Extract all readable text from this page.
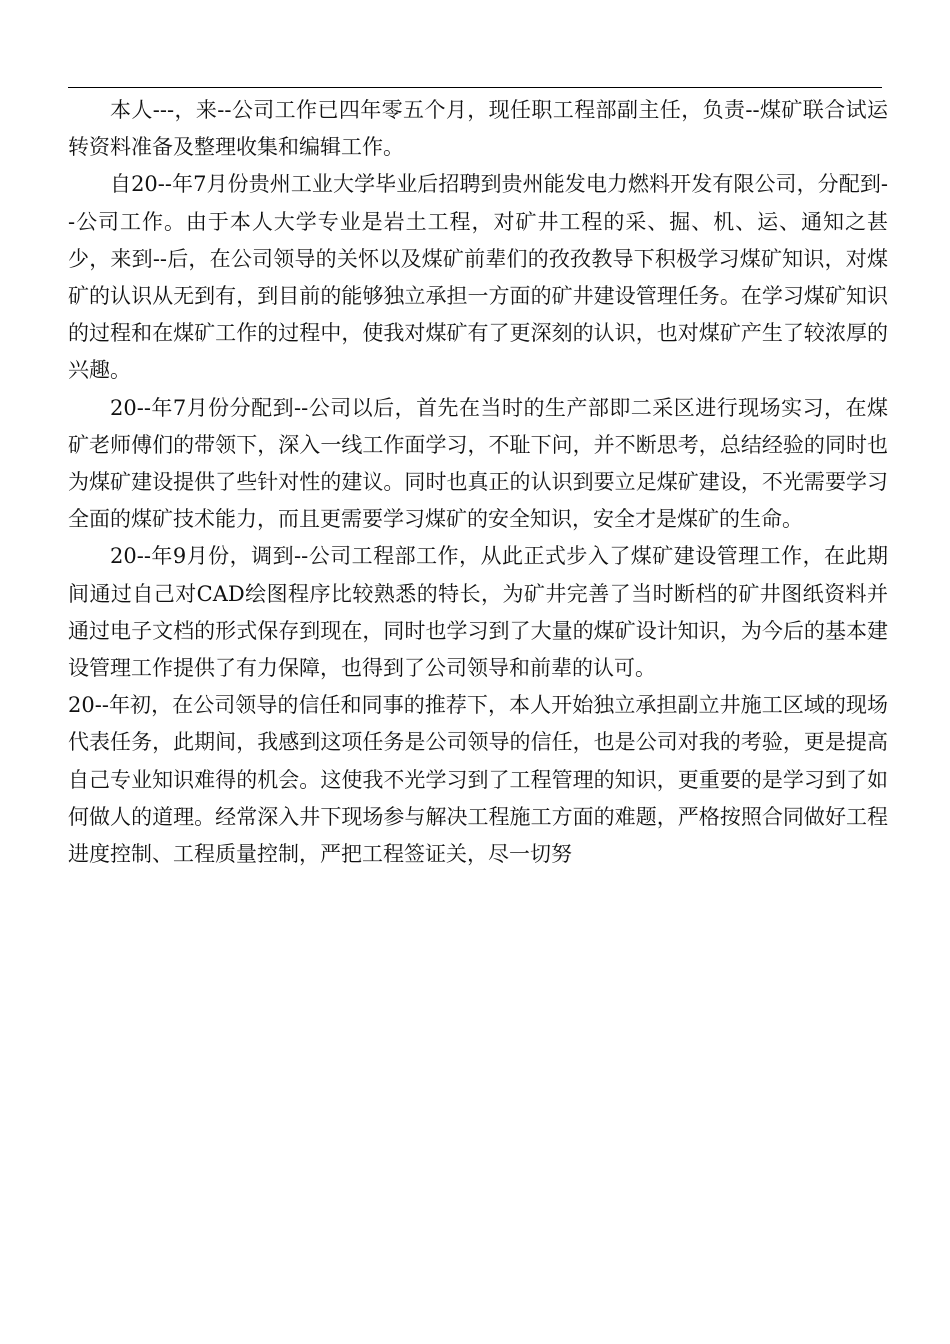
本人---，来--公司工作已四年零五个月，现任职工程部副主任，负责--煤矿联合试运转资料准备及整理收集和编辑工作。

自20--年7月份贵州工业大学毕业后招聘到贵州能发电力燃料开发有限公司，分配到--公司工作。由于本人大学专业是岩土工程，对矿井工程的采、掘、机、运、通知之甚少，来到--后，在公司领导的关怀以及煤矿前辈们的孜孜教导下积极学习煤矿知识，对煤矿的认识从无到有，到目前的能够独立承担一方面的矿井建设管理任务。在学习煤矿知识的过程和在煤矿工作的过程中，使我对煤矿有了更深刻的认识，也对煤矿产生了较浓厚的兴趣。

20--年7月份分配到--公司以后，首先在当时的生产部即二采区进行现场实习，在煤矿老师傅们的带领下，深入一线工作面学习，不耻下问，并不断思考，总结经验的同时也为煤矿建设提供了些针对性的建议。同时也真正的认识到要立足煤矿建设，不光需要学习全面的煤矿技术能力，而且更需要学习煤矿的安全知识，安全才是煤矿的生命。

20--年9月份，调到--公司工程部工作，从此正式步入了煤矿建设管理工作，在此期间通过自己对CAD绘图程序比较熟悉的特长，为矿井完善了当时断档的矿井图纸资料并通过电子文档的形式保存到现在，同时也学习到了大量的煤矿设计知识，为今后的基本建设管理工作提供了有力保障，也得到了公司领导和前辈的认可。

20--年初，在公司领导的信任和同事的推荐下，本人开始独立承担副立井施工区域的现场代表任务，此期间，我感到这项任务是公司领导的信任，也是公司对我的考验，更是提高自己专业知识难得的机会。这使我不光学习到了工程管理的知识，更重要的是学习到了如何做人的道理。经常深入井下现场参与解决工程施工方面的难题，严格按照合同做好工程进度控制、工程质量控制，严把工程签证关，尽一切努
